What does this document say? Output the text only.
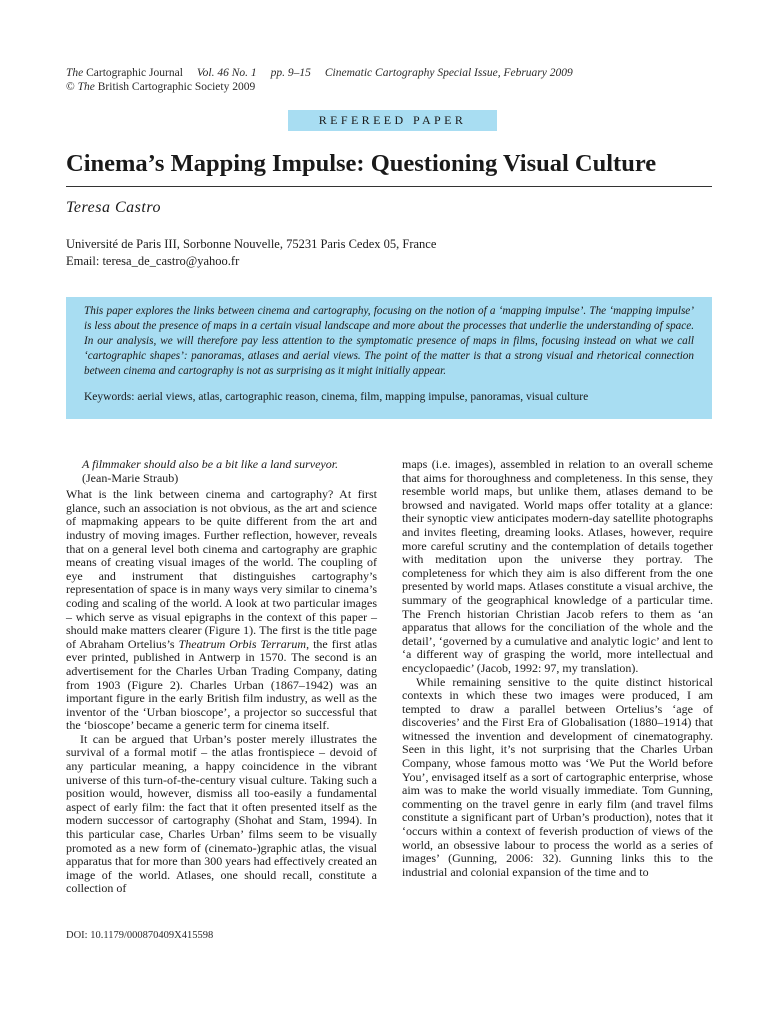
The Cartographic Journal Vol. 46 No. 1 pp. 9–15 Cinematic Cartography Special Issue, February 2009
© The British Cartographic Society 2009
REFEREED PAPER
Cinema’s Mapping Impulse: Questioning Visual Culture
Teresa Castro
Université de Paris III, Sorbonne Nouvelle, 75231 Paris Cedex 05, France
Email: teresa_de_castro@yahoo.fr
This paper explores the links between cinema and cartography, focusing on the notion of a ‘mapping impulse’. The ‘mapping impulse’ is less about the presence of maps in a certain visual landscape and more about the processes that underlie the understanding of space. In our analysis, we will therefore pay less attention to the symptomatic presence of maps in films, focusing instead on what we call ‘cartographic shapes’: panoramas, atlases and aerial views. The point of the matter is that a strong visual and rhetorical connection between cinema and cartography is not as surprising as it might initially appear.
Keywords: aerial views, atlas, cartographic reason, cinema, film, mapping impulse, panoramas, visual culture
A filmmaker should also be a bit like a land surveyor.
(Jean-Marie Straub)

What is the link between cinema and cartography? At first glance, such an association is not obvious, as the art and science of mapmaking appears to be quite different from the art and industry of moving images. Further reflection, however, reveals that on a general level both cinema and cartography are graphic means of creating visual images of the world. The coupling of eye and instrument that distinguishes cartography’s representation of space is in many ways very similar to cinema’s coding and scaling of the world. A look at two particular images – which serve as visual epigraphs in the context of this paper – should make matters clearer (Figure 1). The first is the title page of Abraham Ortelius’s Theatrum Orbis Terrarum, the first atlas ever printed, published in Antwerp in 1570. The second is an advertisement for the Charles Urban Trading Company, dating from 1903 (Figure 2). Charles Urban (1867–1942) was an important figure in the early British film industry, as well as the inventor of the ‘Urban bioscope’, a projector so successful that the ‘bioscope’ became a generic term for cinema itself.

It can be argued that Urban’s poster merely illustrates the survival of a formal motif – the atlas frontispiece – devoid of any particular meaning, a happy coincidence in the vibrant universe of this turn-of-the-century visual culture. Taking such a position would, however, dismiss all too-easily a fundamental aspect of early film: the fact that it often presented itself as the modern successor of cartography (Shohat and Stam, 1994). In this particular case, Charles Urban’ films seem to be visually promoted as a new form of (cinemato-)graphic atlas, the visual apparatus that for more than 300 years had effectively created an image of the world. Atlases, one should recall, constitute a collection of

maps (i.e. images), assembled in relation to an overall scheme that aims for thoroughness and completeness. In this sense, they resemble world maps, but unlike them, atlases demand to be browsed and navigated. World maps offer totality at a glance: their synoptic view anticipates modern-day satellite photographs and invites fleeting, dreaming looks. Atlases, however, require more careful scrutiny and the contemplation of details together with meditation upon the universe they portray. The completeness for which they aim is also different from the one presented by world maps. Atlases constitute a visual archive, the summary of the geographical knowledge of a particular time. The French historian Christian Jacob refers to them as ‘an apparatus that allows for the conciliation of the whole and the detail’, ‘governed by a cumulative and analytic logic’ and lent to ‘a different way of grasping the world, more intellectual and encyclopaedic’ (Jacob, 1992: 97, my translation).

While remaining sensitive to the quite distinct historical contexts in which these two images were produced, I am tempted to draw a parallel between Ortelius’s ‘age of discoveries’ and the First Era of Globalisation (1880–1914) that witnessed the invention and development of cinematography. Seen in this light, it’s not surprising that the Charles Urban Company, whose famous motto was ‘We Put the World before You’, envisaged itself as a sort of cartographic enterprise, whose aim was to make the world visually immediate. Tom Gunning, commenting on the travel genre in early film (and travel films constitute a significant part of Urban’s production), notes that it ‘occurs within a context of feverish production of views of the world, an obsessive labour to process the world as a series of images’ (Gunning, 2006: 32). Gunning links this to the industrial and colonial expansion of the time and to

DOI: 10.1179/000870409X415598
